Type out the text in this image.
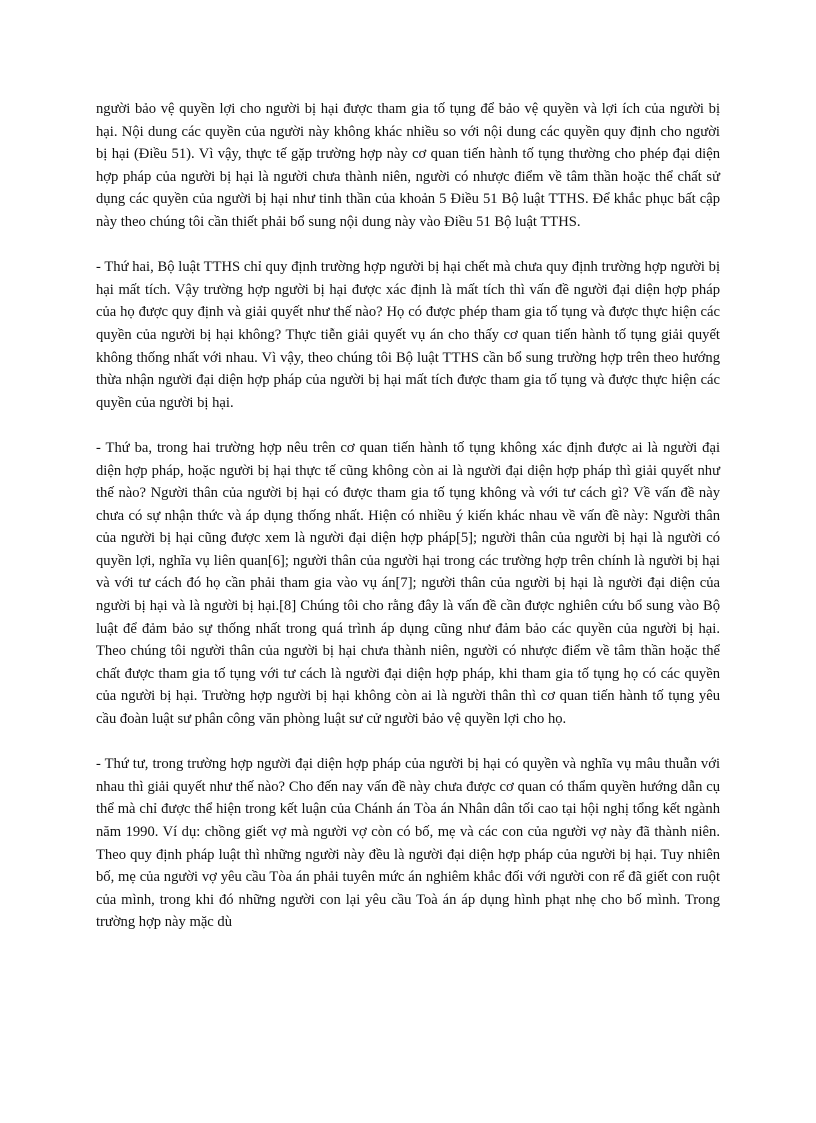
người bảo vệ quyền lợi cho người bị hại được tham gia tố tụng để bảo vệ quyền và lợi ích của người bị hại. Nội dung các quyền của người này không khác nhiều so với nội dung các quyền quy định cho người bị hại (Điều 51). Vì vậy, thực tế gặp trường hợp này cơ quan tiến hành tố tụng thường cho phép đại diện hợp pháp của người bị hại là người chưa thành niên, người có nhược điểm về tâm thần hoặc thể chất sử dụng các quyền của người bị hại như tinh thần của khoản 5 Điều 51 Bộ luật TTHS. Để khắc phục bất cập này theo chúng tôi cần thiết phải bổ sung nội dung này vào Điều 51 Bộ luật TTHS.

- Thứ hai, Bộ luật TTHS chỉ quy định trường hợp người bị hại chết mà chưa quy định trường hợp người bị hại mất tích. Vậy trường hợp người bị hại được xác định là mất tích thì vấn đề người đại diện hợp pháp của họ được quy định và giải quyết như thế nào? Họ có được phép tham gia tố tụng và được thực hiện các quyền của người bị hại không? Thực tiễn giải quyết vụ án cho thấy cơ quan tiến hành tố tụng giải quyết không thống nhất với nhau. Vì vậy, theo chúng tôi Bộ luật TTHS cần bổ sung trường hợp trên theo hướng thừa nhận người đại diện hợp pháp của người bị hại mất tích được tham gia tố tụng và được thực hiện các quyền của người bị hại.

- Thứ ba, trong hai trường hợp nêu trên cơ quan tiến hành tố tụng không xác định được ai là người đại diện hợp pháp, hoặc người bị hại thực tế cũng không còn ai là người đại diện hợp pháp thì giải quyết như thế nào? Người thân của người bị hại có được tham gia tố tụng không và với tư cách gì? Về vấn đề này chưa có sự nhận thức và áp dụng thống nhất. Hiện có nhiều ý kiến khác nhau về vấn đề này: Người thân của người bị hại cũng được xem là người đại diện hợp pháp[5]; người thân của người bị hại là người có quyền lợi, nghĩa vụ liên quan[6]; người thân của người hại trong các trường hợp trên chính là người bị hại và với tư cách đó họ cần phải tham gia vào vụ án[7]; người thân của người bị hại là người đại diện của người bị hại và là người bị hại.[8] Chúng tôi cho rằng đây là vấn đề cần được nghiên cứu bổ sung vào Bộ luật để đảm bảo sự thống nhất trong quá trình áp dụng cũng như đảm bảo các quyền của người bị hại. Theo chúng tôi người thân của người bị hại chưa thành niên, người có nhược điểm về tâm thần hoặc thể chất được tham gia tố tụng với tư cách là người đại diện hợp pháp, khi tham gia tố tụng họ có các quyền của người bị hại. Trường hợp người bị hại không còn ai là người thân thì cơ quan tiến hành tố tụng yêu cầu đoàn luật sư phân công văn phòng luật sư cử người bảo vệ quyền lợi cho họ.

- Thứ tư, trong trường hợp người đại diện hợp pháp của người bị hại có quyền và nghĩa vụ mâu thuẫn với nhau thì giải quyết như thế nào? Cho đến nay vấn đề này chưa được cơ quan có thẩm quyền hướng dẫn cụ thể mà chỉ được thể hiện trong kết luận của Chánh án Tòa án Nhân dân tối cao tại hội nghị tổng kết ngành năm 1990. Ví dụ: chồng giết vợ mà người vợ còn có bố, mẹ và các con của người vợ này đã thành niên. Theo quy định pháp luật thì những người này đều là người đại diện hợp pháp của người bị hại. Tuy nhiên bố, mẹ của người vợ yêu cầu Tòa án phải tuyên mức án nghiêm khắc đối với người con rể đã giết con ruột của mình, trong khi đó những người con lại yêu cầu Toà án áp dụng hình phạt nhẹ cho bố mình. Trong trường hợp này mặc dù
